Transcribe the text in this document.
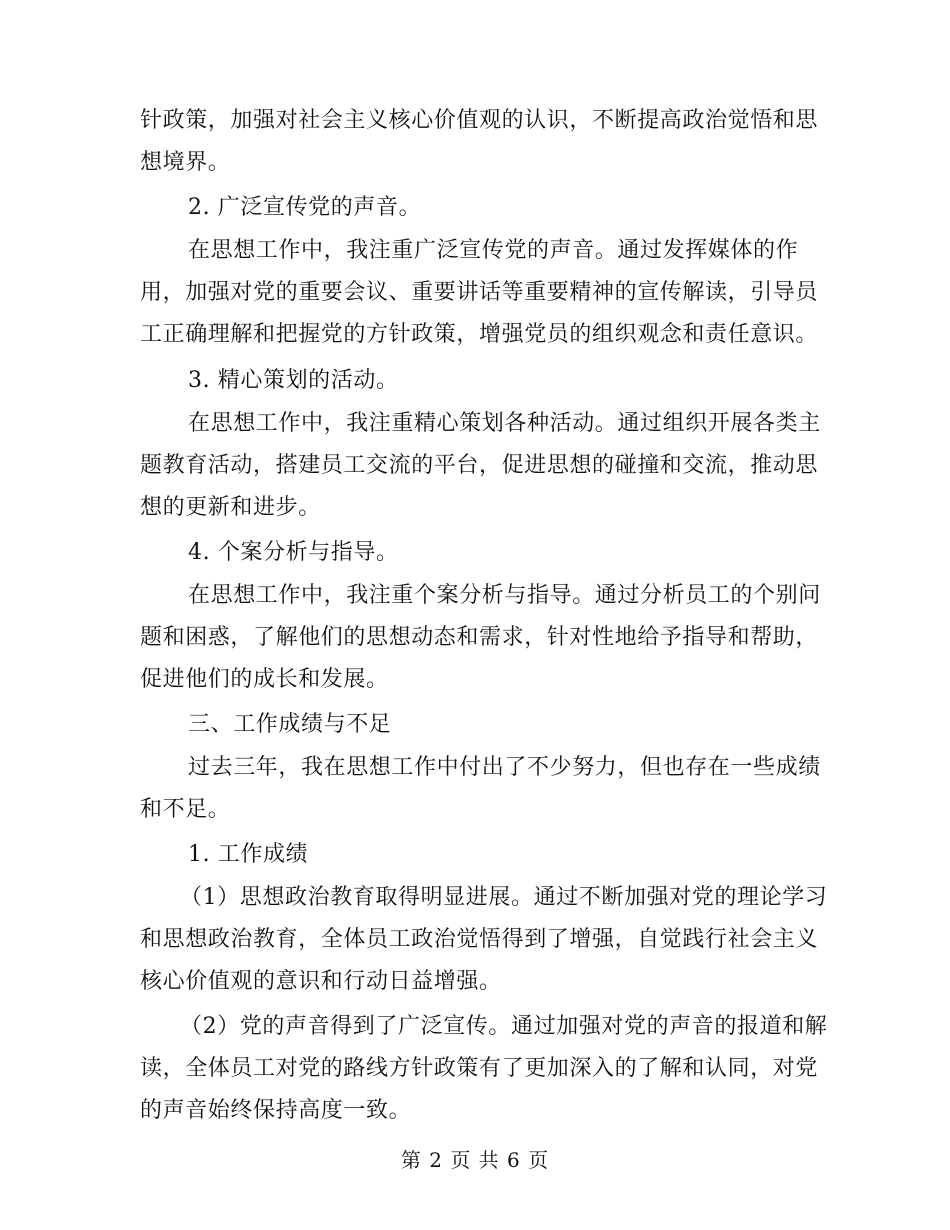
针政策，加强对社会主义核心价值观的认识，不断提高政治觉悟和思
想境界。
2. 广泛宣传党的声音。
在思想工作中，我注重广泛宣传党的声音。通过发挥媒体的作
用，加强对党的重要会议、重要讲话等重要精神的宣传解读，引导员
工正确理解和把握党的方针政策，增强党员的组织观念和责任意识。
3. 精心策划的活动。
在思想工作中，我注重精心策划各种活动。通过组织开展各类主
题教育活动，搭建员工交流的平台，促进思想的碰撞和交流，推动思
想的更新和进步。
4. 个案分析与指导。
在思想工作中，我注重个案分析与指导。通过分析员工的个别问
题和困惑，了解他们的思想动态和需求，针对性地给予指导和帮助，
促进他们的成长和发展。
三、工作成绩与不足
过去三年，我在思想工作中付出了不少努力，但也存在一些成绩
和不足。
1. 工作成绩
（1）思想政治教育取得明显进展。通过不断加强对党的理论学习
和思想政治教育，全体员工政治觉悟得到了增强，自觉践行社会主义
核心价值观的意识和行动日益增强。
（2）党的声音得到了广泛宣传。通过加强对党的声音的报道和解
读，全体员工对党的路线方针政策有了更加深入的了解和认同，对党
的声音始终保持高度一致。
第 2 页 共 6 页
